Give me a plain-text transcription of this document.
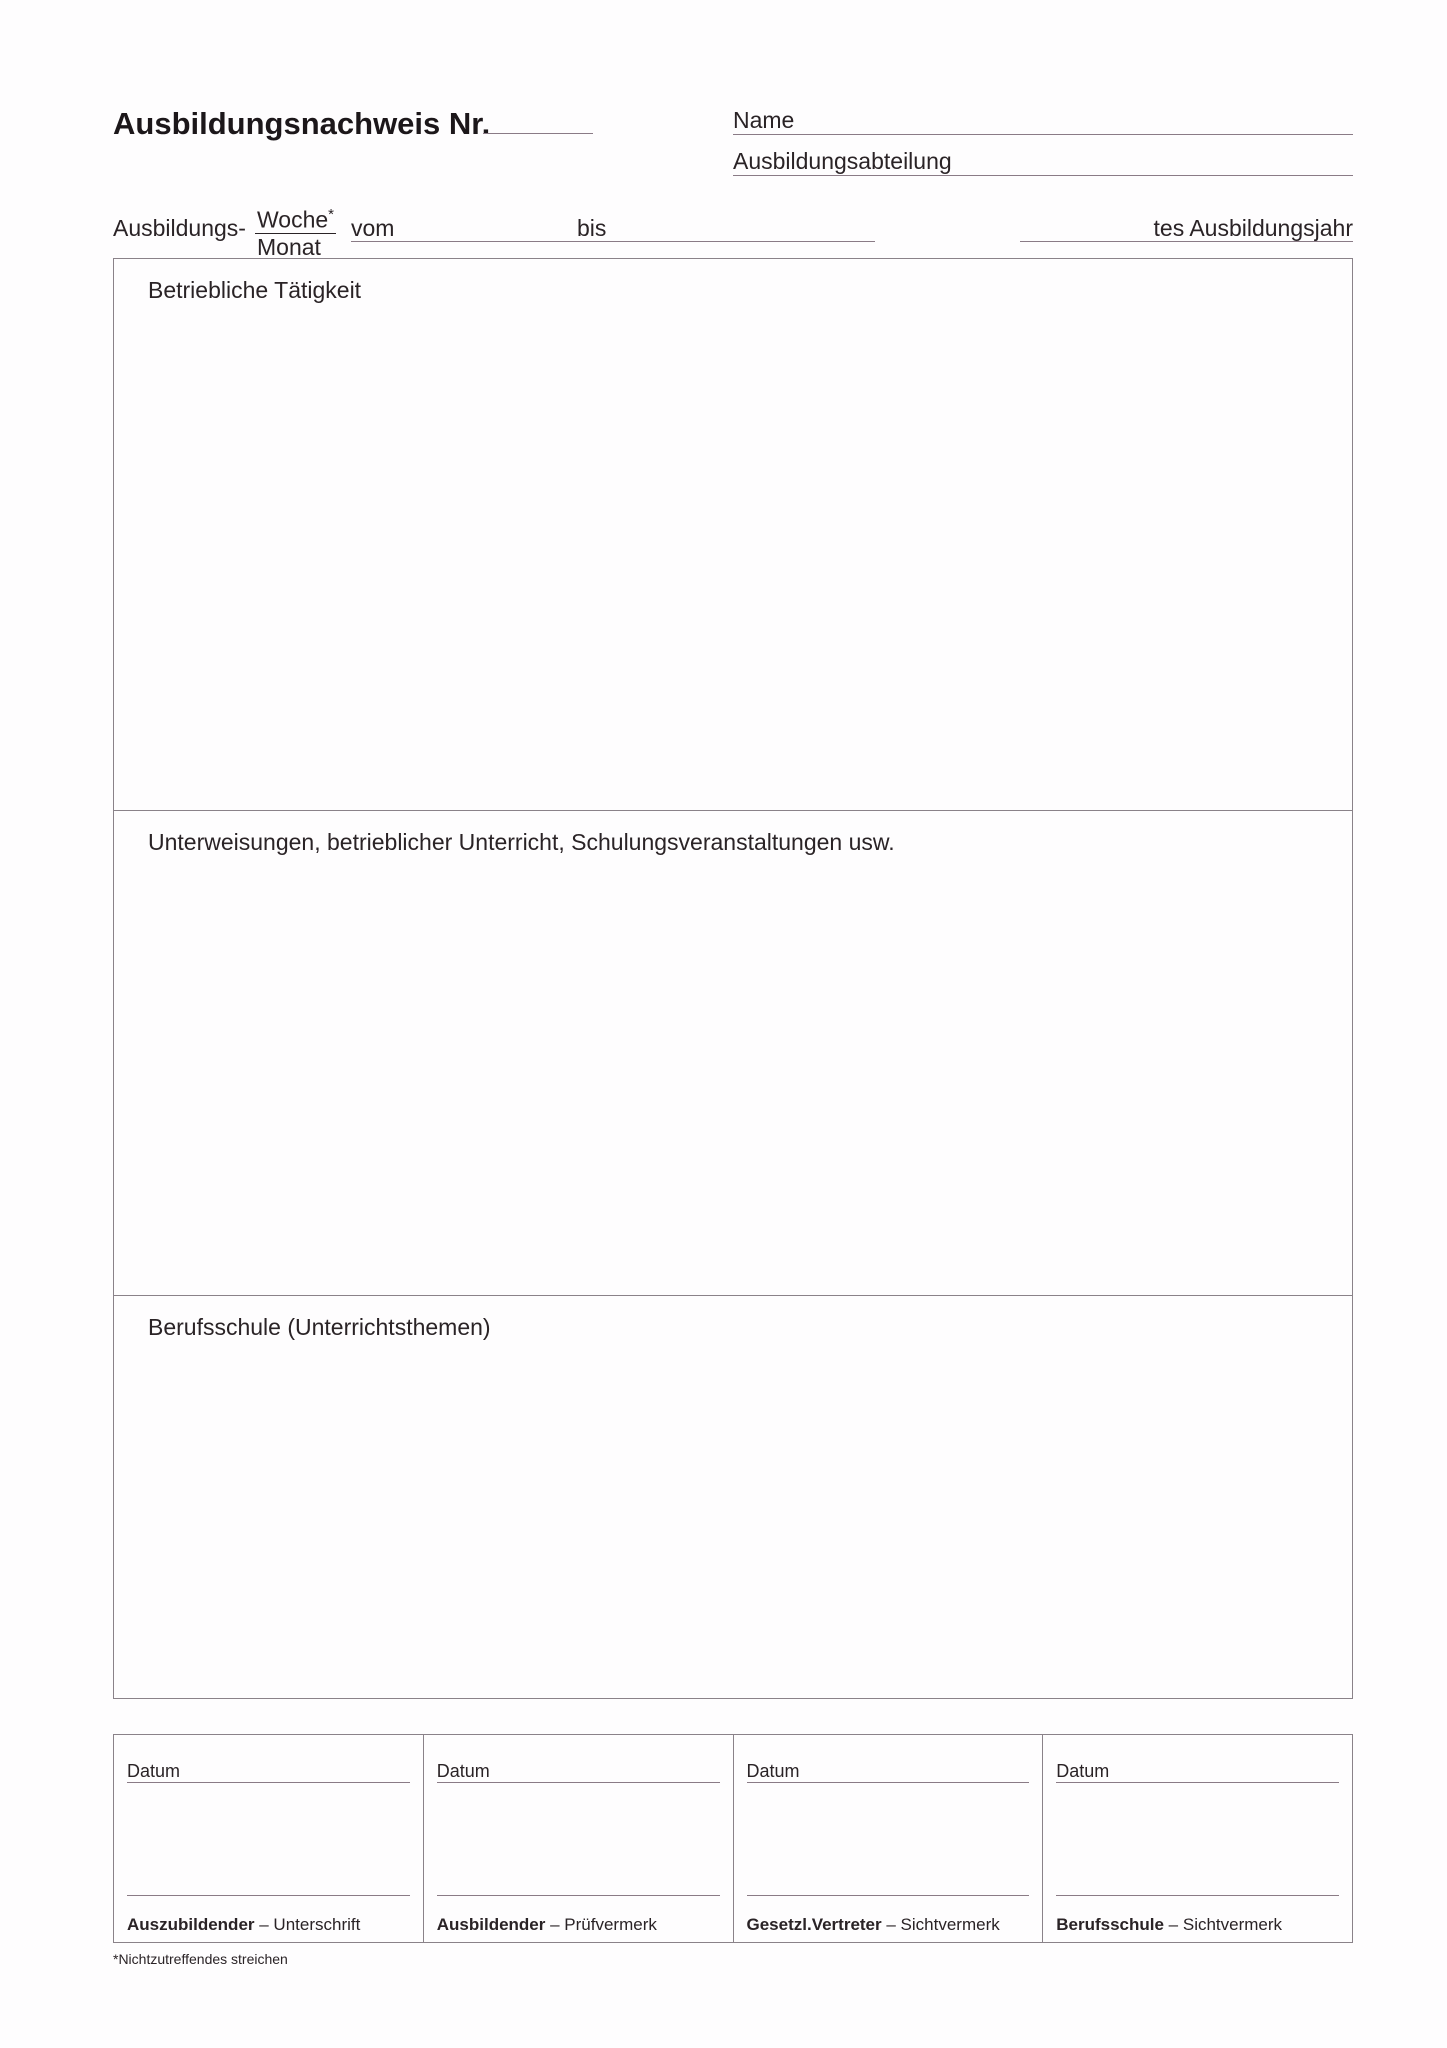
Ausbildungsnachweis Nr.	Name
Ausbildungsabteilung
Ausbildungs- Woche*
Monat
vom	bis	tes Ausbildungsjahr
Betriebliche Tätigkeit
Unterweisungen, betrieblicher Unterricht, Schulungsveranstaltungen usw.
Berufsschule (Unterrichtsthemen)
Datum
Auszubildender – Unterschrift
Datum
Ausbildender – Prüfvermerk
Datum
Gesetzl.Vertreter – Sichtvermerk
Datum
Berufsschule – Sichtvermerk
*Nichtzutreffendes streichen
